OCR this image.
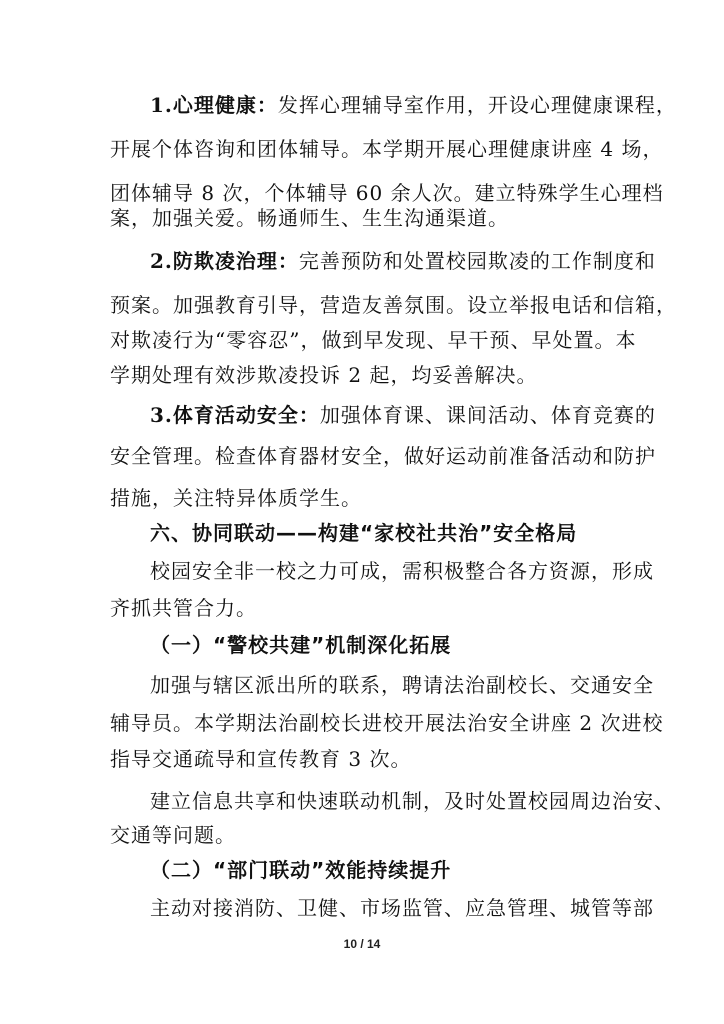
1.心理健康：发挥心理辅导室作用，开设心理健康课程，
开展个体咨询和团体辅导。本学期开展心理健康讲座 4 场，
团体辅导 8 次，个体辅导 60 余人次。建立特殊学生心理档
案，加强关爱。畅通师生、生生沟通渠道。
2.防欺凌治理：完善预防和处置校园欺凌的工作制度和
预案。加强教育引导，营造友善氛围。设立举报电话和信箱，
对欺凌行为“零容忍”，做到早发现、早干预、早处置。本
学期处理有效涉欺凌投诉 2 起，均妥善解决。
3.体育活动安全：加强体育课、课间活动、体育竞赛的
安全管理。检查体育器材安全，做好运动前准备活动和防护
措施，关注特异体质学生。
六、协同联动——构建“家校社共治”安全格局
校园安全非一校之力可成，需积极整合各方资源，形成
齐抓共管合力。
（一）“警校共建”机制深化拓展
加强与辖区派出所的联系，聘请法治副校长、交通安全
辅导员。本学期法治副校长进校开展法治安全讲座 2 次进校
指导交通疏导和宣传教育 3 次。
建立信息共享和快速联动机制，及时处置校园周边治安、
交通等问题。
（二）“部门联动”效能持续提升
主动对接消防、卫健、市场监管、应急管理、城管等部
10 / 14
